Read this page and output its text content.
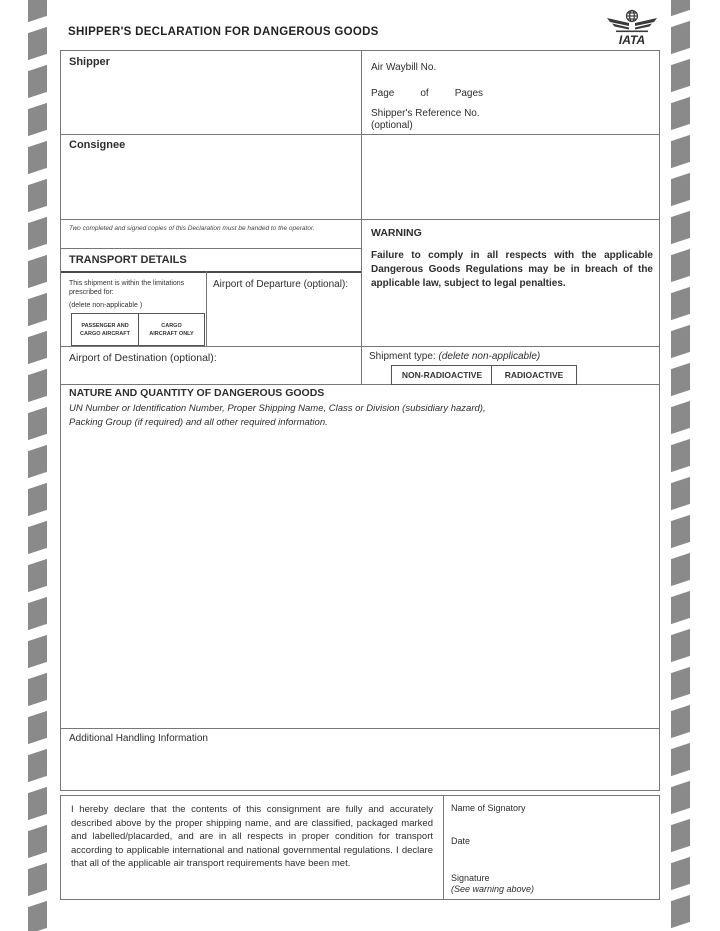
SHIPPER'S DECLARATION FOR DANGEROUS GOODS
IATA
Shipper
Consignee
Air Waybill No.
Page	of	Pages
Shipper's Reference No.
(optional)
Two completed and signed copies of this Declaration must be handed to the operator.
TRANSPORT DETAILS
This shipment is within the limitations prescribed for:
(delete non-applicable )
PASSENGER AND
CARGO AIRCRAFT
CARGO
AIRCRAFT ONLY
Airport of Departure (optional):
Airport of Destination (optional):
WARNING
Failure to comply in all respects with the applicable Dangerous Goods Regulations may be in breach of the applicable law, subject to legal penalties.
Shipment type: (delete non-applicable)
NON-RADIOACTIVE	RADIOACTIVE
NATURE AND QUANTITY OF DANGEROUS GOODS
UN Number or Identification Number, Proper Shipping Name, Class or Division (subsidiary hazard),
Packing Group (if required) and all other required information.
Additional Handling Information
I hereby declare that the contents of this consignment are fully and accurately described above by the proper shipping name, and are classified, packaged marked and labelled/placarded, and are in all respects in proper condition for transport according to applicable international and national governmental regulations. I declare that all of the applicable air transport requirements have been met.
Name of Signatory
Date
Signature
(See warning above)
